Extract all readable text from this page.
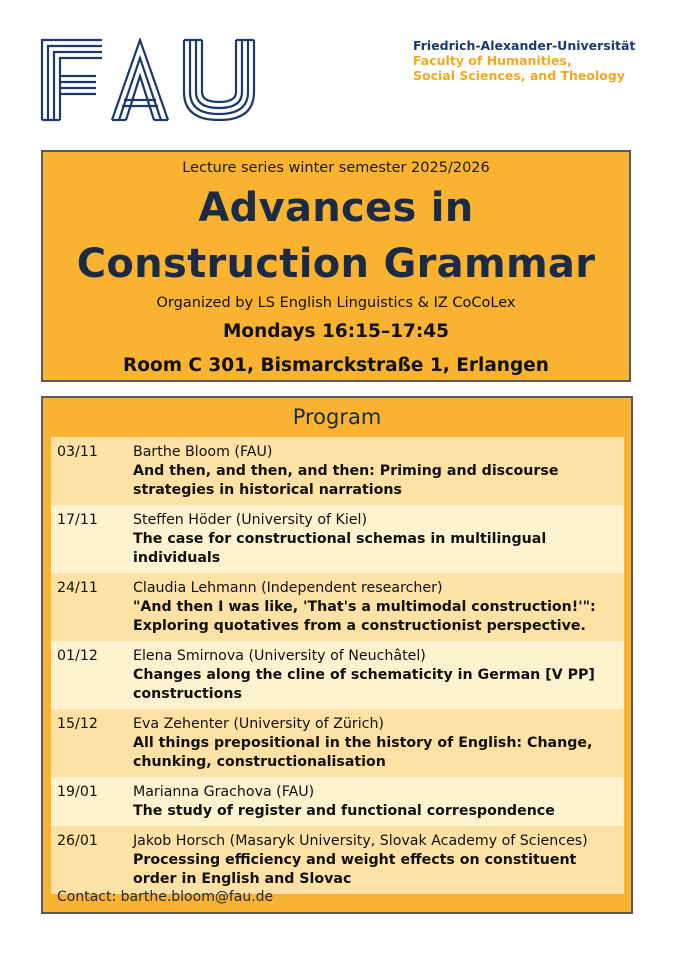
Friedrich-Alexander-Universität
Faculty of Humanities,
Social Sciences, and Theology
Lecture series winter semester 2025/2026
Advances in
Construction Grammar
Organized by LS English Linguistics & IZ CoCoLex
Mondays 16:15–17:45
Room C 301, Bismarckstraße 1, Erlangen
Program
03/11	Barthe Bloom (FAU)
And then, and then, and then: Priming and discourse strategies in historical narrations
17/11	Steffen Höder (University of Kiel)
The case for constructional schemas in multilingual individuals
24/11	Claudia Lehmann (Independent researcher)
"And then I was like, 'That's a multimodal construction!'": Exploring quotatives from a constructionist perspective.
01/12	Elena Smirnova (University of Neuchâtel)
Changes along the cline of schematicity in German [V PP] constructions
15/12	Eva Zehenter (University of Zürich)
All things prepositional in the history of English: Change, chunking, constructionalisation
19/01	Marianna Grachova (FAU)
The study of register and functional correspondence
26/01	Jakob Horsch (Masaryk University, Slovak Academy of Sciences)
Processing efficiency and weight effects on constituent order in English and Slovac
Contact: barthe.bloom@fau.de
